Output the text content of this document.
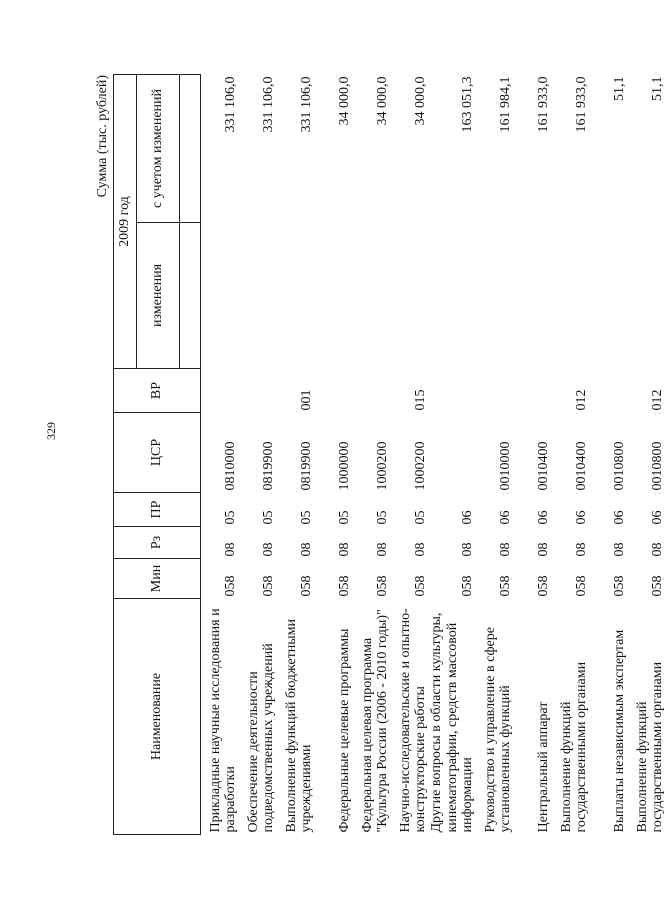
329
Сумма (тыс. рублей)
Наименование	Мин	Рз	ПР	ЦСР	ВР	2009 год	
						изменения	с учетом изменений

Прикладные научные исследования и разработки	058	08	05	0810000			331 106,0
Обеспечение деятельности подведомственных учреждений	058	08	05	0819900			331 106,0
Выполнение функций бюджетными учреждениями	058	08	05	0819900	001		331 106,0
Федеральные целевые программы	058	08	05	1000000			34 000,0
Федеральная целевая программа "Культура России (2006 - 2010 годы)"	058	08	05	1000200			34 000,0
Научно-исследовательские и опытно-конструкторские работы	058	08	05	1000200	015		34 000,0
Другие вопросы в области культуры, кинематографии, средств массовой информации	058	08	06				163 051,3
Руководство и управление в сфере установленных функций	058	08	06	0010000			161 984,1
Центральный аппарат	058	08	06	0010400			161 933,0
Выполнение функций государственными органами	058	08	06	0010400	012		161 933,0
Выплаты независимым экспертам	058	08	06	0010800			51,1
Выполнение функций государственными органами	058	08	06	0010800	012		51,1
